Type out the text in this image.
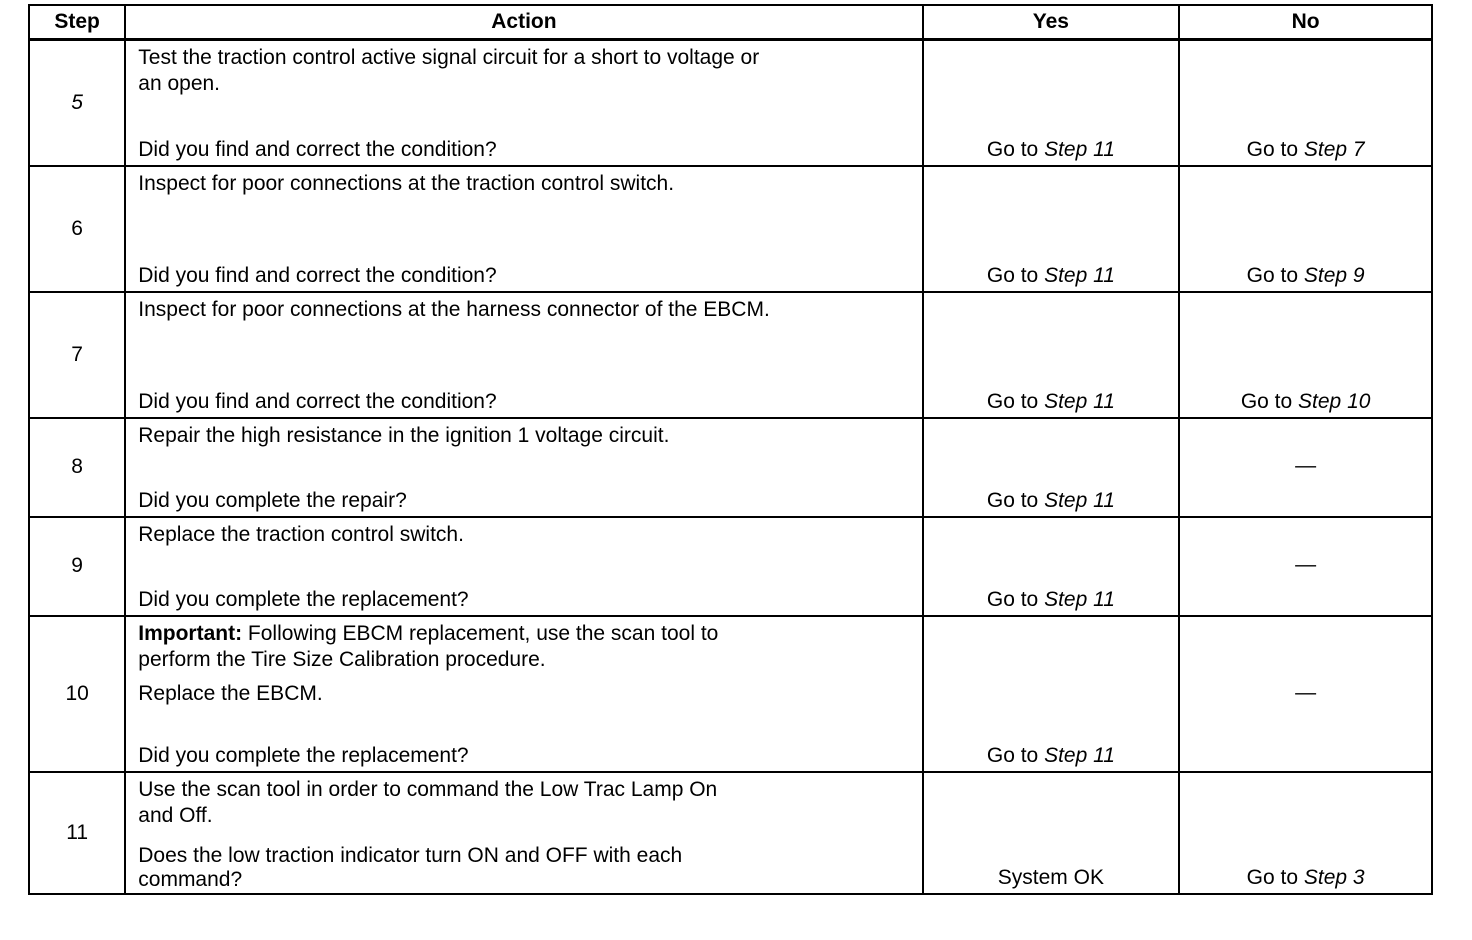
Step	Action	Yes	No
5	Test the traction control active signal circuit for a short to voltage or
an open.
Did you find and correct the condition?	Go to Step 11	Go to Step 7
6	Inspect for poor connections at the traction control switch.
Did you find and correct the condition?	Go to Step 11	Go to Step 9
7	Inspect for poor connections at the harness connector of the EBCM.
Did you find and correct the condition?	Go to Step 11	Go to Step 10
8	Repair the high resistance in the ignition 1 voltage circuit.
Did you complete the repair?	Go to Step 11	—
9	Replace the traction control switch.
Did you complete the replacement?	Go to Step 11	—
10	Important: Following EBCM replacement, use the scan tool to
perform the Tire Size Calibration procedure.
Replace the EBCM.
Did you complete the replacement?	Go to Step 11	—
11	Use the scan tool in order to command the Low Trac Lamp On
and Off.
Does the low traction indicator turn ON and OFF with each
command?	System OK	Go to Step 3
